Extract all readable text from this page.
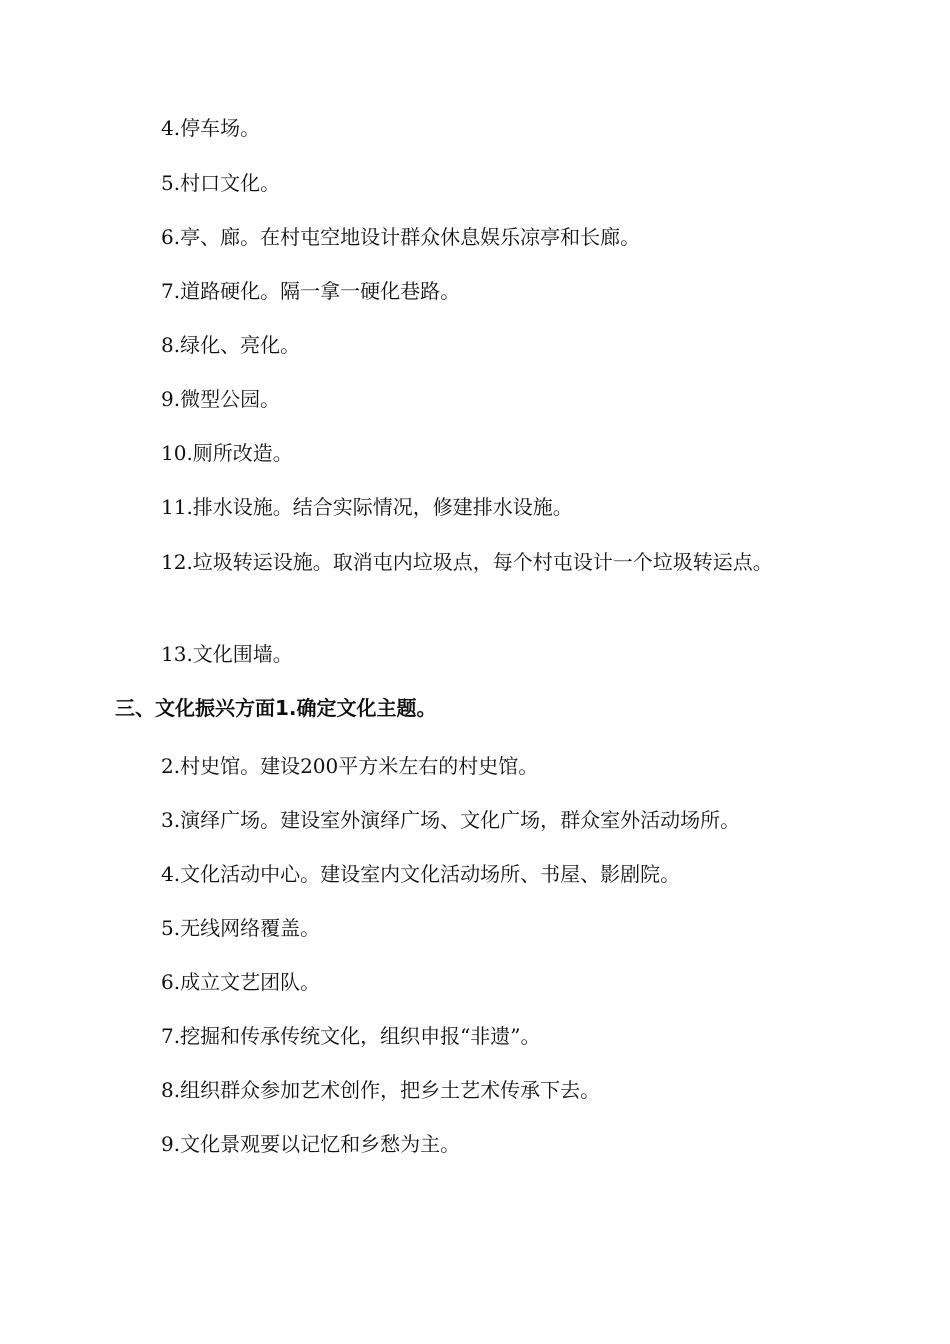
4.停车场。

5.村口文化。

6.亭、廊。在村屯空地设计群众休息娱乐凉亭和长廊。

7.道路硬化。隔一拿一硬化巷路。

8.绿化、亮化。

9.微型公园。

10.厕所改造。

11.排水设施。结合实际情况，修建排水设施。

12.垃圾转运设施。取消屯内垃圾点，每个村屯设计一个垃圾转运点。

13.文化围墙。

三、文化振兴方面1.确定文化主题。

2.村史馆。建设200平方米左右的村史馆。

3.演绎广场。建设室外演绎广场、文化广场，群众室外活动场所。

4.文化活动中心。建设室内文化活动场所、书屋、影剧院。

5.无线网络覆盖。

6.成立文艺团队。

7.挖掘和传承传统文化，组织申报“非遗”。

8.组织群众参加艺术创作，把乡土艺术传承下去。

9.文化景观要以记忆和乡愁为主。
